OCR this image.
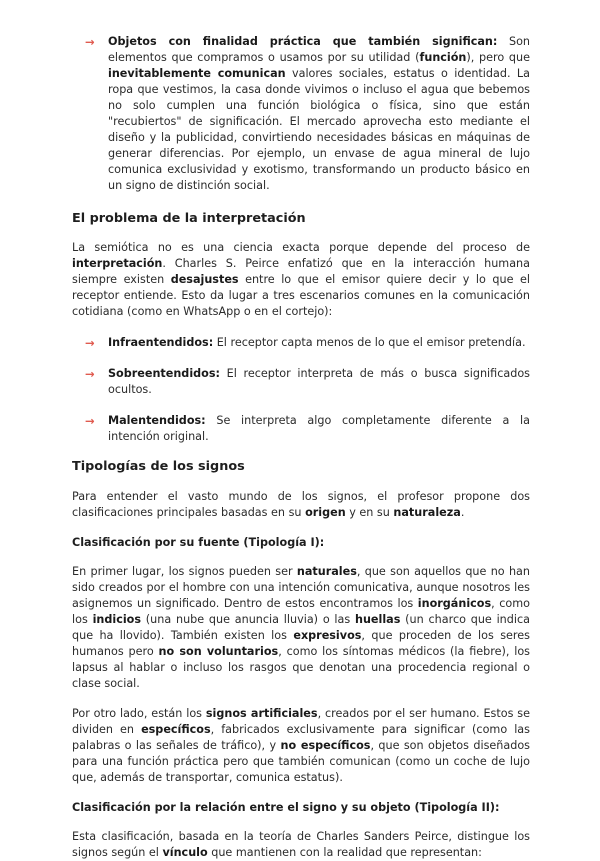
→ Objetos con finalidad práctica que también significan: Son elementos que compramos o usamos por su utilidad (función), pero que inevitablemente comunican valores sociales, estatus o identidad. La ropa que vestimos, la casa donde vivimos o incluso el agua que bebemos no solo cumplen una función biológica o física, sino que están "recubiertos" de significación. El mercado aprovecha esto mediante el diseño y la publicidad, convirtiendo necesidades básicas en máquinas de generar diferencias. Por ejemplo, un envase de agua mineral de lujo comunica exclusividad y exotismo, transformando un producto básico en un signo de distinción social.

El problema de la interpretación

La semiótica no es una ciencia exacta porque depende del proceso de interpretación. Charles S. Peirce enfatizó que en la interacción humana siempre existen desajustes entre lo que el emisor quiere decir y lo que el receptor entiende. Esto da lugar a tres escenarios comunes en la comunicación cotidiana (como en WhatsApp o en el cortejo):

→ Infraentendidos: El receptor capta menos de lo que el emisor pretendía.

→ Sobreentendidos: El receptor interpreta de más o busca significados ocultos.

→ Malentendidos: Se interpreta algo completamente diferente a la intención original.

Tipologías de los signos

Para entender el vasto mundo de los signos, el profesor propone dos clasificaciones principales basadas en su origen y en su naturaleza.

Clasificación por su fuente (Tipología I):

En primer lugar, los signos pueden ser naturales, que son aquellos que no han sido creados por el hombre con una intención comunicativa, aunque nosotros les asignemos un significado. Dentro de estos encontramos los inorgánicos, como los indicios (una nube que anuncia lluvia) o las huellas (un charco que indica que ha llovido). También existen los expresivos, que proceden de los seres humanos pero no son voluntarios, como los síntomas médicos (la fiebre), los lapsus al hablar o incluso los rasgos que denotan una procedencia regional o clase social.

Por otro lado, están los signos artificiales, creados por el ser humano. Estos se dividen en específicos, fabricados exclusivamente para significar (como las palabras o las señales de tráfico), y no específicos, que son objetos diseñados para una función práctica pero que también comunican (como un coche de lujo que, además de transportar, comunica estatus).

Clasificación por la relación entre el signo y su objeto (Tipología II):

Esta clasificación, basada en la teoría de Charles Sanders Peirce, distingue los signos según el vínculo que mantienen con la realidad que representan:
